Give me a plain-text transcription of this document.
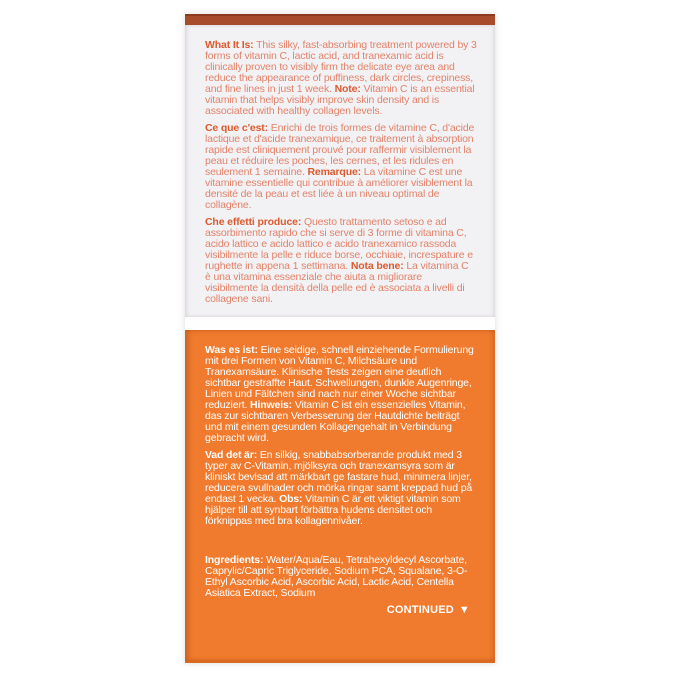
What It Is: This silky, fast-absorbing treatment powered by 3 forms of vitamin C, lactic acid, and tranexamic acid is clinically proven to visibly firm the delicate eye area and reduce the appearance of puffiness, dark circles, crepiness, and fine lines in just 1 week. Note: Vitamin C is an essential vitamin that helps visibly improve skin density and is associated with healthy collagen levels.

Ce que c'est: Enrichi de trois formes de vitamine C, d'acide lactique et d'acide tranexamique, ce traitement à absorption rapide est cliniquement prouvé pour raffermir visiblement la peau et réduire les poches, les cernes, et les ridules en seulement 1 semaine. Remarque: La vitamine C est une vitamine essentielle qui contribue à améliorer visiblement la densité de la peau et est liée à un niveau optimal de collagène.

Che effetti produce: Questo trattamento setoso e ad assorbimento rapido che si serve di 3 forme di vitamina C, acido lattico e acido lattico e acido tranexamico rassoda visibilmente la pelle e riduce borse, occhiaie, increspature e rughette in appena 1 settimana. Nota bene: La vitamina C è una vitamina essenziale che aiuta a migliorare visibilmente la densità della pelle ed è associata a livelli di collagene sani.

Was es ist: Eine seidige, schnell einziehende Formulierung mit drei Formen von Vitamin C, Milchsäure und Tranexamsäure. Klinische Tests zeigen eine deutlich sichtbar gestraffte Haut. Schwellungen, dunkle Augenringe, Linien und Fältchen sind nach nur einer Woche sichtbar reduziert. Hinweis: Vitamin C ist ein essenzielles Vitamin, das zur sichtbaren Verbesserung der Hautdichte beiträgt und mit einem gesunden Kollagengehalt in Verbindung gebracht wird.

Vad det är: En silkig, snabbabsorberande produkt med 3 typer av C-Vitamin, mjölksyra och tranexamsyra som är kliniskt bevisad att märkbart ge fastare hud, minimera linjer, reducera svullnader och mörka ringar samt kreppad hud på endast 1 vecka. Obs: Vitamin C är ett viktigt vitamin som hjälper till att synbart förbättra hudens densitet och förknippas med bra kollagennivåer.

Ingredients: Water/Aqua/Eau, Tetrahexyldecyl Ascorbate, Caprylic/Capric Triglyceride, Sodium PCA, Squalane, 3-O-Ethyl Ascorbic Acid, Ascorbic Acid, Lactic Acid, Centella Asiatica Extract, Sodium

CONTINUED ▼
